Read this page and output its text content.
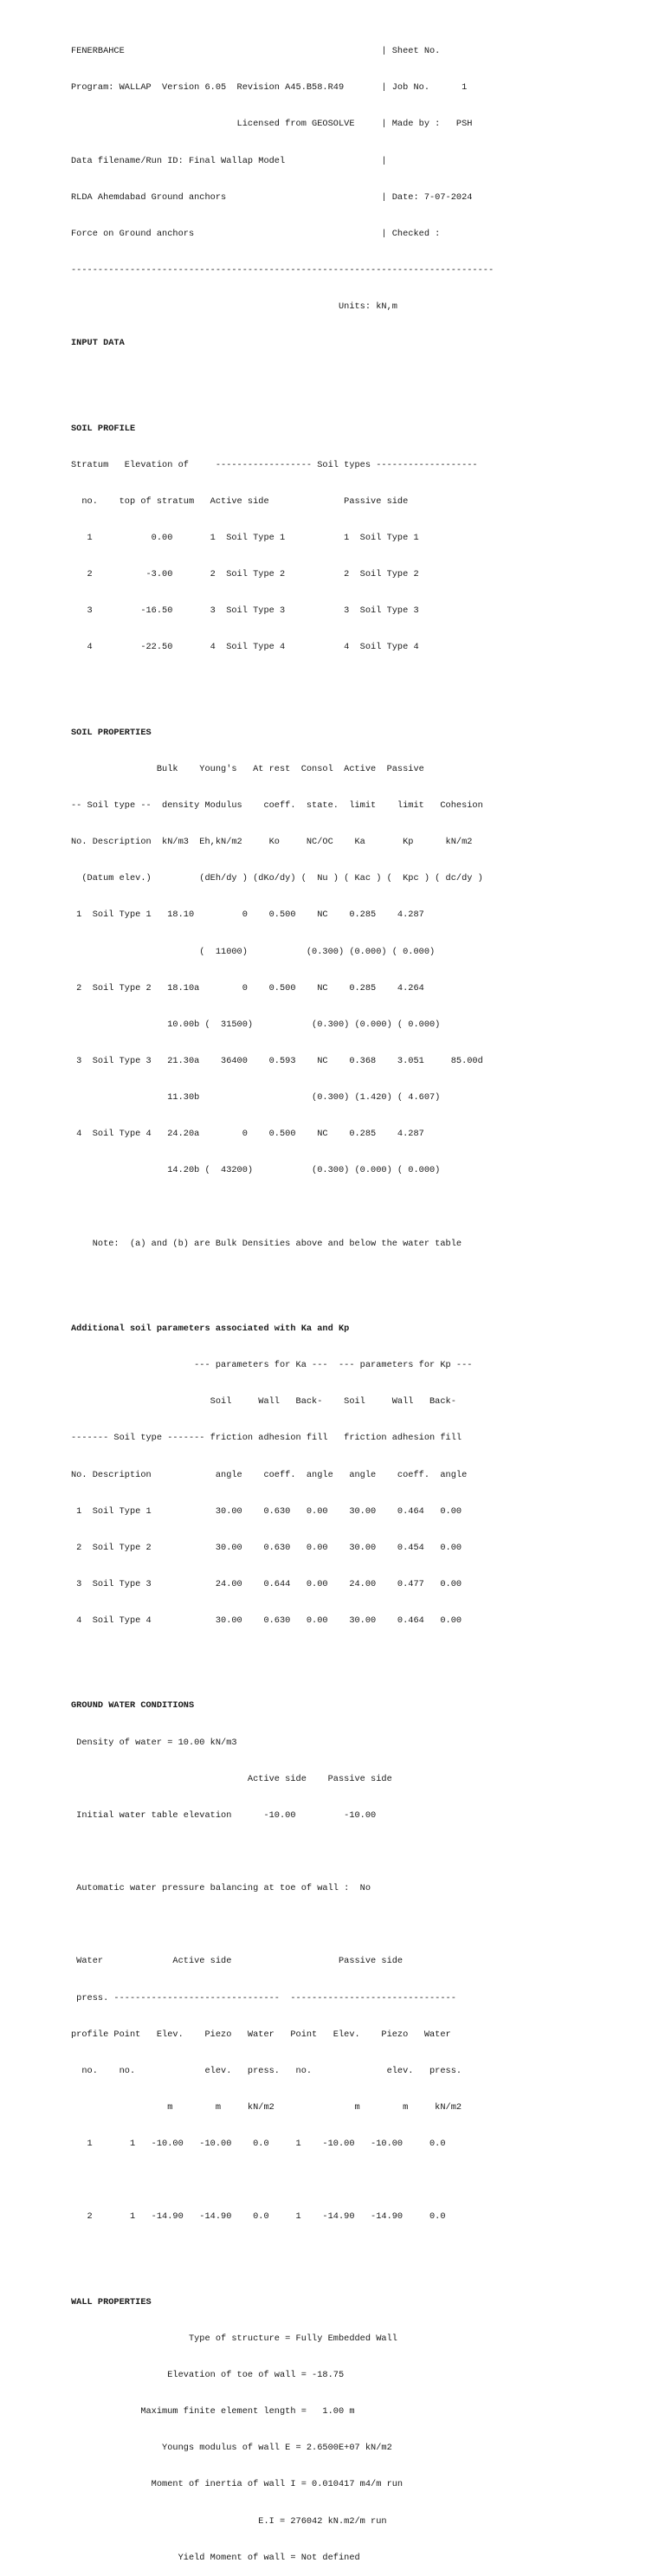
FENERBAHCE                                                | Sheet No.

Program: WALLAP  Version 6.05  Revision A45.B58.R49       | Job No.      1

Licensed from GEOSOLVE     | Made by :   PSH

Data filename/Run ID: Final Wallap Model                  |

RLDA Ahemdabad Ground anchors                             | Date: 7-07-2024

Force on Ground anchors                                   | Checked :

-------------------------------------------------------------------------------

Units: kN,m

INPUT DATA

SOIL PROFILE

Stratum   Elevation of     ------------------ Soil types -------------------

no.    top of stratum   Active side              Passive side

1           0.00       1  Soil Type 1           1  Soil Type 1

2          -3.00       2  Soil Type 2           2  Soil Type 2

3         -16.50       3  Soil Type 3           3  Soil Type 3

4         -22.50       4  Soil Type 4           4  Soil Type 4

SOIL PROPERTIES

Bulk    Young's   At rest  Consol  Active  Passive

-- Soil type --  density Modulus    coeff.  state.  limit    limit   Cohesion

No. Description  kN/m3  Eh,kN/m2     Ko     NC/OC    Ka       Kp      kN/m2

(Datum elev.)         (dEh/dy ) (dKo/dy) (  Nu ) ( Kac ) (  Kpc ) ( dc/dy )

1  Soil Type 1   18.10         0    0.500    NC    0.285    4.287

(  11000)           (0.300) (0.000) ( 0.000)

2  Soil Type 2   18.10a        0    0.500    NC    0.285    4.264

10.00b (  31500)           (0.300) (0.000) ( 0.000)

3  Soil Type 3   21.30a    36400    0.593    NC    0.368    3.051     85.00d

11.30b                     (0.300) (1.420) ( 4.607)

4  Soil Type 4   24.20a        0    0.500    NC    0.285    4.287

14.20b (  43200)           (0.300) (0.000) ( 0.000)

Note:  (a) and (b) are Bulk Densities above and below the water table

Additional soil parameters associated with Ka and Kp

--- parameters for Ka ---  --- parameters for Kp ---

Soil     Wall   Back-    Soil     Wall   Back-

------- Soil type ------- friction adhesion fill   friction adhesion fill

No. Description            angle    coeff.  angle   angle    coeff.  angle

1  Soil Type 1            30.00    0.630   0.00    30.00    0.464   0.00

2  Soil Type 2            30.00    0.630   0.00    30.00    0.454   0.00

3  Soil Type 3            24.00    0.644   0.00    24.00    0.477   0.00

4  Soil Type 4            30.00    0.630   0.00    30.00    0.464   0.00

GROUND WATER CONDITIONS

Density of water = 10.00 kN/m3

Active side    Passive side

Initial water table elevation      -10.00         -10.00

Automatic water pressure balancing at toe of wall :  No

Water             Active side                    Passive side

press. -------------------------------  -------------------------------

profile Point   Elev.    Piezo   Water   Point   Elev.    Piezo   Water

no.    no.             elev.   press.   no.              elev.   press.

m        m     kN/m2               m        m     kN/m2

1       1   -10.00   -10.00    0.0     1    -10.00   -10.00     0.0

2       1   -14.90   -14.90    0.0     1    -14.90   -14.90     0.0

WALL PROPERTIES

Type of structure = Fully Embedded Wall

Elevation of toe of wall = -18.75

Maximum finite element length =   1.00 m

Youngs modulus of wall E = 2.6500E+07 kN/m2

Moment of inertia of wall I = 0.010417 m4/m run

E.I = 276042 kN.m2/m run

Yield Moment of wall = Not defined
